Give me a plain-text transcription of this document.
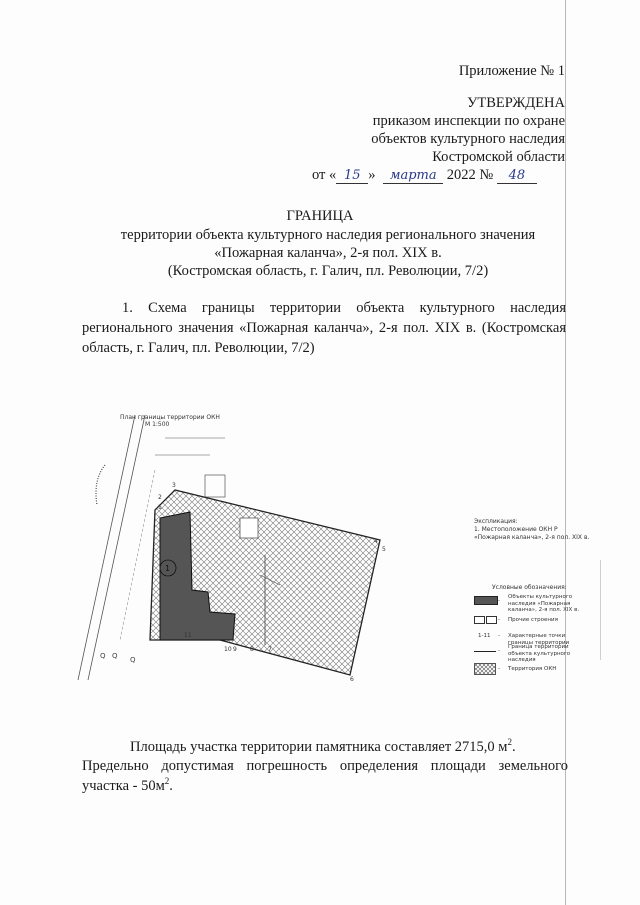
Приложение № 1
УТВЕРЖДЕНА
приказом инспекции по охране
объектов культурного наследия
Костромской области
от « 15 » марта 2022 № 48
ГРАНИЦА
территории объекта культурного наследия регионального значения
«Пожарная каланча», 2-я пол. XIX в.
(Костромская область, г. Галич, пл. Революции, 7/2)
1. Схема границы территории объекта культурного наследия регионального значения «Пожарная каланча», 2-я пол. XIX в. (Костромская область, г. Галич, пл. Революции, 7/2)
1
Q Q Q
План границы территории ОКН
М 1:500
1
2
3
4
5
6
7
8
9
10
11
Экспликация:
1. Местоположение ОКН Р
«Пожарная каланча», 2-я пол. XIX в.
Условные обозначения:
-
Объекты культурного наследия «Пожарная каланча», 2-я пол. XIX в.
-	Прочие строения
1-11	-	Характерные точки границы территории
-
Граница территории объекта культурного наследия
-	Территория ОКН
Площадь участка территории памятника составляет 2715,0 $м^2$.
Предельно допустимая погрешность определения площади земельного участка - $50м^2$.
